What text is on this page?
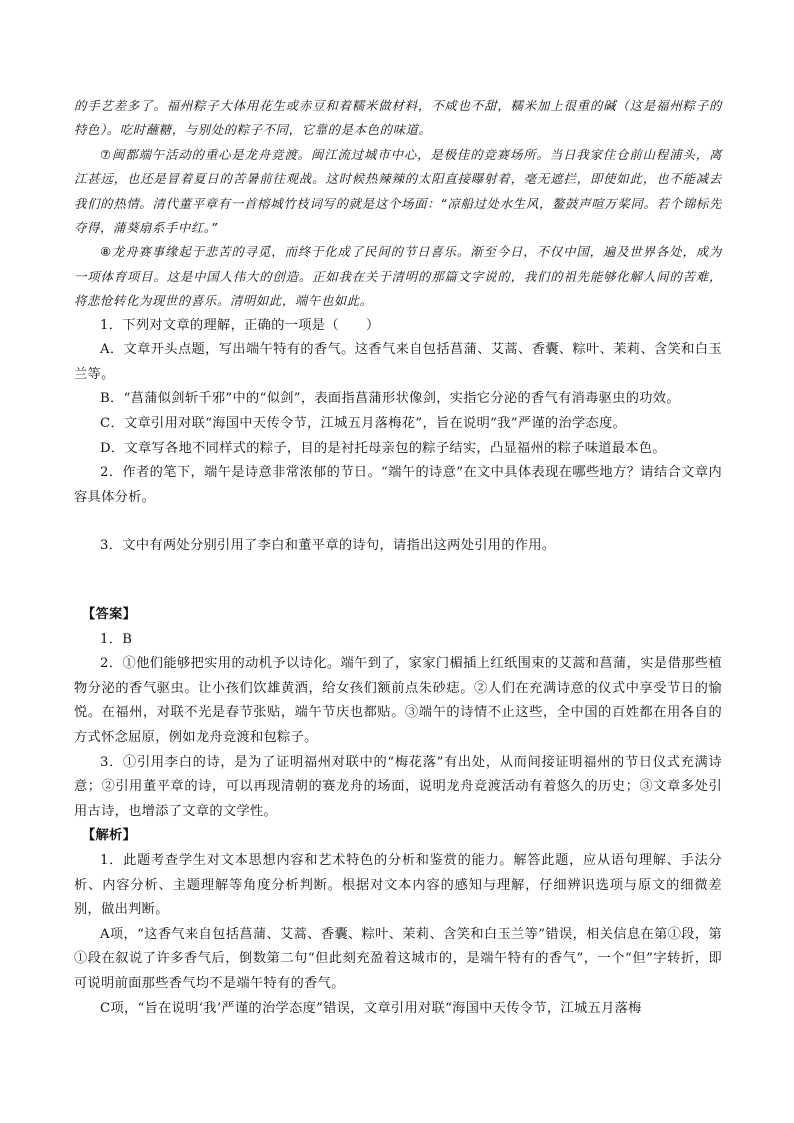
的手艺差多了。福州粽子大体用花生或赤豆和着糯米做材料，不咸也不甜，糯米加上很重的碱（这是福州粽子的特色）。吃时蘸糖，与别处的粽子不同，它靠的是本色的味道。

⑦闽都端午活动的重心是龙舟竞渡。闽江流过城市中心，是极佳的竞赛场所。当日我家住仓前山程浦头，离江甚远，也还是冒着夏日的苦暑前往观战。这时候热辣辣的太阳直接曝射着，毫无遮拦，即使如此，也不能减去我们的热情。清代董平章有一首榕城竹枝词写的就是这个场面：“凉船过处水生风，鳌鼓声喧万桨同。若个锦标先夺得，蒲葵扇系手中红。”

⑧龙舟赛事缘起于悲苦的寻觅，而终于化成了民间的节日喜乐。渐至今日，不仅中国，遍及世界各处，成为一项体育项目。这是中国人伟大的创造。正如我在关于清明的那篇文字说的，我们的祖先能够化解人间的苦难，将悲怆转化为现世的喜乐。清明如此，端午也如此。

1．下列对文章的理解，正确的一项是（　　）

A．文章开头点题，写出端午特有的香气。这香气来自包括菖蒲、艾蒿、香囊、粽叶、茉莉、含笑和白玉兰等。

B．“菖蒲似剑斩千邪”中的“似剑”，表面指菖蒲形状像剑，实指它分泌的香气有消毒驱虫的功效。

C．文章引用对联“海国中天传令节，江城五月落梅花”，旨在说明“我”严谨的治学态度。

D．文章写各地不同样式的粽子，目的是衬托母亲包的粽子结实，凸显福州的粽子味道最本色。

2．作者的笔下，端午是诗意非常浓郁的节日。“端午的诗意”在文中具体表现在哪些地方？请结合文章内容具体分析。

3．文中有两处分别引用了李白和董平章的诗句，请指出这两处引用的作用。

【答案】

1．B

2．①他们能够把实用的动机予以诗化。端午到了，家家门楣插上红纸围束的艾蒿和菖蒲，实是借那些植物分泌的香气驱虫。让小孩们饮雄黄酒，给女孩们额前点朱砂痣。②人们在充满诗意的仪式中享受节日的愉悦。在福州，对联不光是春节张贴，端午节庆也都贴。③端午的诗情不止这些，全中国的百姓都在用各自的方式怀念屈原，例如龙舟竞渡和包粽子。

3．①引用李白的诗，是为了证明福州对联中的“梅花落”有出处，从而间接证明福州的节日仪式充满诗意；②引用董平章的诗，可以再现清朝的赛龙舟的场面，说明龙舟竞渡活动有着悠久的历史；③文章多处引用古诗，也增添了文章的文学性。

【解析】

1．此题考查学生对文本思想内容和艺术特色的分析和鉴赏的能力。解答此题，应从语句理解、手法分析、内容分析、主题理解等角度分析判断。根据对文本内容的感知与理解，仔细辨识选项与原文的细微差别，做出判断。

A项，“这香气来自包括菖蒲、艾蒿、香囊、粽叶、茉莉、含笑和白玉兰等”错误，相关信息在第①段，第①段在叙说了许多香气后，倒数第二句“但此刻充盈着这城市的，是端午特有的香气”，一个“但”字转折，即可说明前面那些香气均不是端午特有的香气。

C项，“旨在说明‘我’严谨的治学态度”错误，文章引用对联“海国中天传令节，江城五月落梅
